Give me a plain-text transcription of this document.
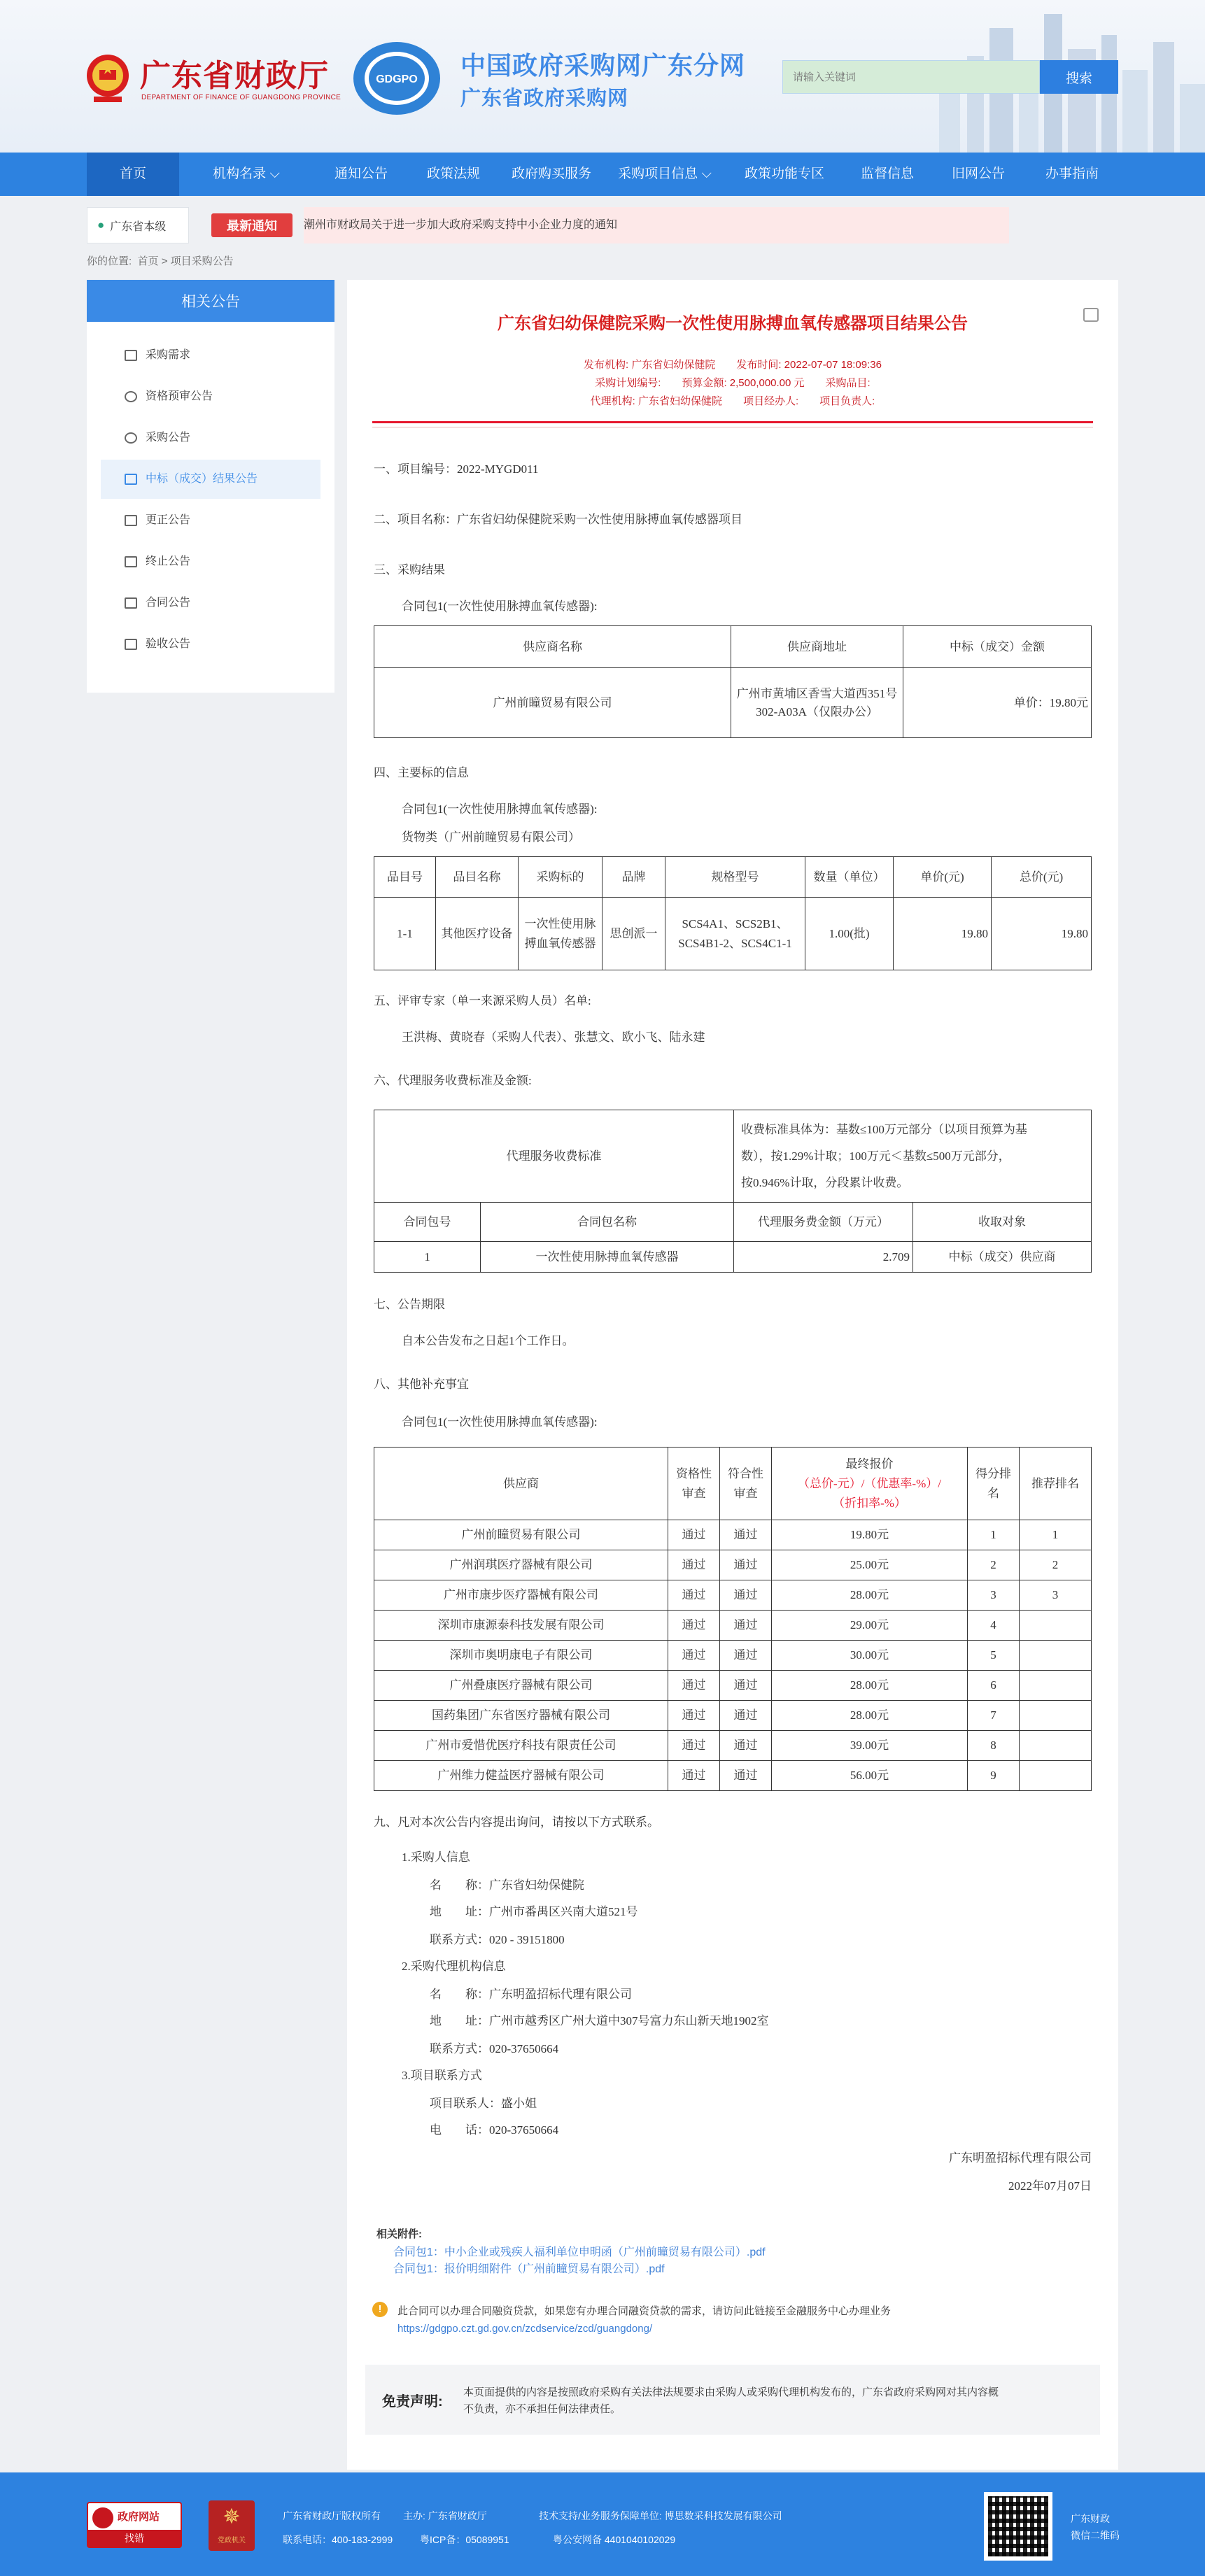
广东省财政厅
DEPARTMENT OF FINANCE OF GUANGDONG PROVINCE
GDGPO 中国政府采购网广东分网
广东省政府采购网
请输入关键词
搜索
首页	机构名录 ⌵	通知公告	政策法规	政府购买服务	采购项目信息 ⌵	政策功能专区	监督信息	旧网公告	办事指南
● 广东省本级	最新通知	潮州市财政局关于进一步加大政府采购支持中小企业力度的通知
你的位置: 首页 > 项目采购公告
相关公告
采购需求
资格预审公告
采购公告
中标（成交）结果公告
更正公告
终止公告
合同公告
验收公告
广东省妇幼保健院采购一次性使用脉搏血氧传感器项目结果公告
发布机构: 广东省妇幼保健院　　发布时间: 2022-07-07 18:09:36
采购计划编号:　　预算金额: 2,500,000.00 元　　采购品目:
代理机构: 广东省妇幼保健院　　项目经办人:　　项目负责人:
一、项目编号：2022-MYGD011
二、项目名称：广东省妇幼保健院采购一次性使用脉搏血氧传感器项目
三、采购结果
合同包1(一次性使用脉搏血氧传感器):
供应商名称	供应商地址	中标（成交）金额
广州前瞳贸易有限公司	广州市黄埔区香雪大道西351号302-A03A（仅限办公）	单价：19.80元
四、主要标的信息
合同包1(一次性使用脉搏血氧传感器):
货物类（广州前瞳贸易有限公司）
品目号	品目名称	采购标的	品牌	规格型号	数量（单位）	单价(元)	总价(元)
1-1	其他医疗设备	一次性使用脉搏血氧传感器	思创派一	SCS4A1、SCS2B1、SCS4B1-2、SCS4C1-1	1.00(批)	19.80	19.80
五、评审专家（单一来源采购人员）名单:
王洪梅、黄晓春（采购人代表）、张慧文、欧小飞、陆永建
六、代理服务收费标准及金额:
代理服务收费标准		收费标准具体为：基数≤100万元部分（以项目预算为基
数），按1.29%计取；100万元＜基数≤500万元部分，
按0.946%计取，分段累计收费。	

合同包号	合同包名称	代理服务费金额（万元）	收取对象
1	一次性使用脉搏血氧传感器	2.709	中标（成交）供应商
七、公告期限
自本公告发布之日起1个工作日。
八、其他补充事宜
合同包1(一次性使用脉搏血氧传感器):
供应商	资格性审查	符合性审查	最终报价
（总价-元）/（优惠率-%）/
（折扣率-%）	得分排名	推荐排名
广州前瞳贸易有限公司	通过	通过	19.80元	1	1
广州润琪医疗器械有限公司	通过	通过	25.00元	2	2
广州市康步医疗器械有限公司	通过	通过	28.00元	3	3
深圳市康源泰科技发展有限公司	通过	通过	29.00元	4	
深圳市奥明康电子有限公司	通过	通过	30.00元	5	
广州叠康医疗器械有限公司	通过	通过	28.00元	6	
国药集团广东省医疗器械有限公司	通过	通过	28.00元	7	
广州市爱惜优医疗科技有限责任公司	通过	通过	39.00元	8	
广州维力健益医疗器械有限公司	通过	通过	56.00元	9	
九、凡对本次公告内容提出询问，请按以下方式联系。
1.采购人信息
名　　称：广东省妇幼保健院
地　　址：广州市番禺区兴南大道521号
联系方式：020 - 39151800
2.采购代理机构信息
名　　称：广东明盈招标代理有限公司
地　　址：广州市越秀区广州大道中307号富力东山新天地1902室
联系方式：020-37650664
3.项目联系方式
项目联系人：盛小姐
电　　话：020-37650664
广东明盈招标代理有限公司
2022年07月07日
相关附件:
合同包1：中小企业或残疾人福利单位申明函（广州前瞳贸易有限公司）.pdf
合同包1：报价明细附件（广州前瞳贸易有限公司）.pdf
!	此合同可以办理合同融资贷款，如果您有办理合同融资贷款的需求，请访问此链接至金融服务中心办理业务
https://gdgpo.czt.gd.gov.cn/zcdservice/zcd/guangdong/
免责声明:
本页面提供的内容是按照政府采购有关法律法规要求由采购人或采购代理机构发布的，广东省政府采购网对其内容概
不负责，亦不承担任何法律责任。
政府网站
找错
✵
党政机关
广东省财政厅版权所有 主办: 广东省财政厅	技术支持/业务服务保障单位: 博思数采科技发展有限公司
联系电话：400-183-2999	粤ICP备：05089951	粤公安网备 4401040102029
广东财政
微信二维码
